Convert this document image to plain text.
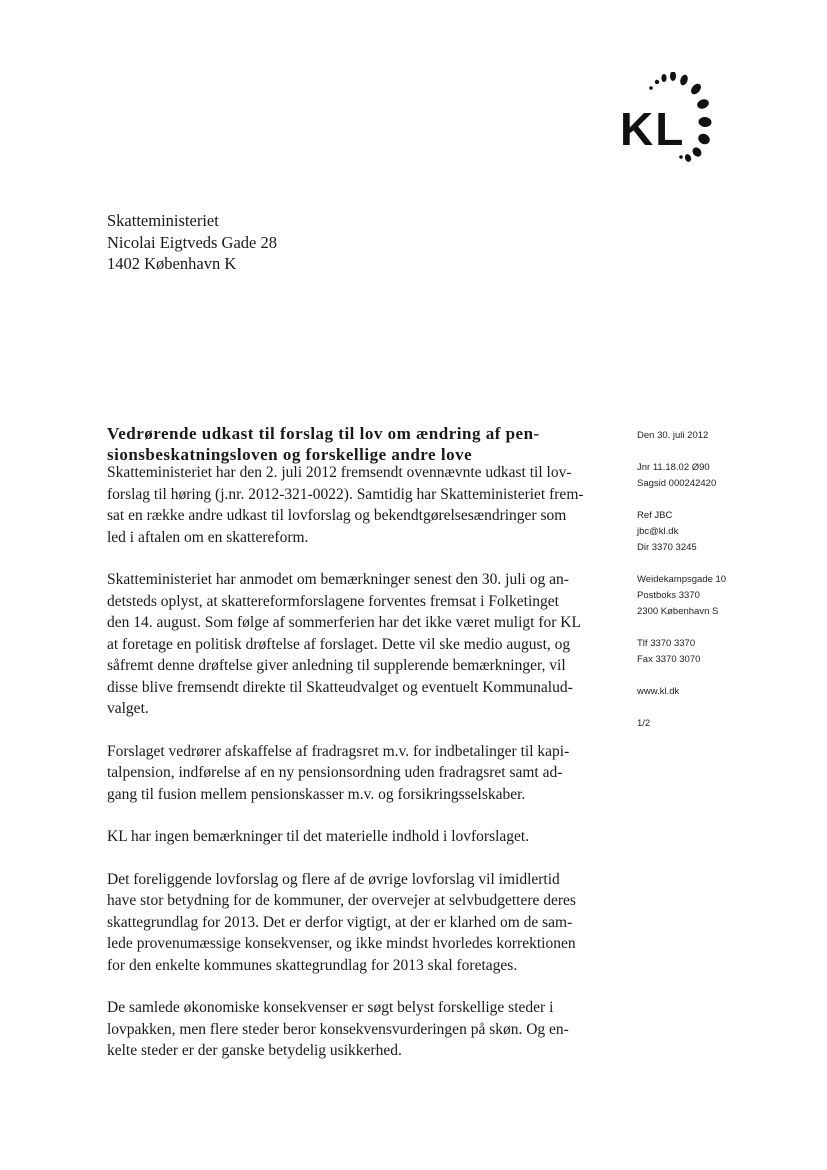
KL
Skatteministeriet
Nicolai Eigtveds Gade 28
1402 København K
Vedrørende udkast til forslag til lov om ændring af pen-
sionsbeskatningsloven og forskellige andre love
Skatteministeriet har den 2. juli 2012 fremsendt ovennævnte udkast til lov-
forslag til høring (j.nr. 2012-321-0022). Samtidig har Skatteministeriet frem-
sat en række andre udkast til lovforslag og bekendtgørelsesændringer som
led i aftalen om en skattereform.
Skatteministeriet har anmodet om bemærkninger senest den 30. juli og an-
detsteds oplyst, at skattereformforslagene forventes fremsat i Folketinget
den 14. august. Som følge af sommerferien har det ikke været muligt for KL
at foretage en politisk drøftelse af forslaget. Dette vil ske medio august, og
såfremt denne drøftelse giver anledning til supplerende bemærkninger, vil
disse blive fremsendt direkte til Skatteudvalget og eventuelt Kommunalud-
valget.
Forslaget vedrører afskaffelse af fradragsret m.v. for indbetalinger til kapi-
talpension, indførelse af en ny pensionsordning uden fradragsret samt ad-
gang til fusion mellem pensionskasser m.v. og forsikringsselskaber.
KL har ingen bemærkninger til det materielle indhold i lovforslaget.
Det foreliggende lovforslag og flere af de øvrige lovforslag vil imidlertid
have stor betydning for de kommuner, der overvejer at selvbudgettere deres
skattegrundlag for 2013. Det er derfor vigtigt, at der er klarhed om de sam-
lede provenumæssige konsekvenser, og ikke mindst hvorledes korrektionen
for den enkelte kommunes skattegrundlag for 2013 skal foretages.
De samlede økonomiske konsekvenser er søgt belyst forskellige steder i
lovpakken, men flere steder beror konsekvensvurderingen på skøn. Og en-
kelte steder er der ganske betydelig usikkerhed.
Den 30. juli 2012
Jnr 11.18.02 Ø90
Sagsid 000242420
Ref JBC
jbc@kl.dk
Dir 3370 3245
Weidekampsgade 10
Postboks 3370
2300 København S
Tlf 3370 3370
Fax 3370 3070
www.kl.dk
1/2
